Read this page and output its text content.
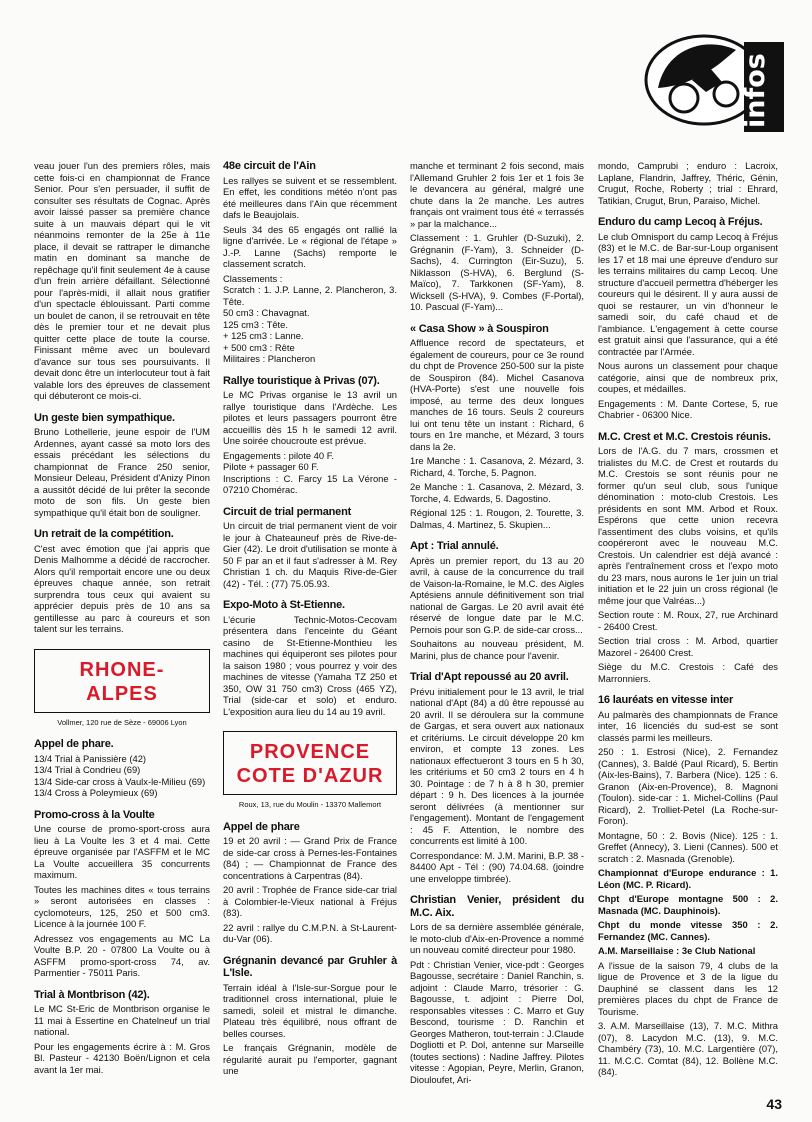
infos

veau jouer l'un des premiers rôles, mais cette fois-ci en championnat de France Senior. Pour s'en persuader, il suffit de consulter ses résultats de Cognac. Après avoir laissé passer sa première chance suite à un mauvais départ qui le vit néanmoins remonter de la 25e à 11e place, il devait se rattraper le dimanche matin en dominant sa manche de repêchage qu'il finit seulement 4e à cause d'un frein arrière défaillant. Sélectionné pour l'après-midi, il allait nous gratifier d'un spectacle éblouissant. Parti comme un boulet de canon, il se retrouvait en tête dès le premier tour et ne devait plus quitter cette place de toute la course. Finissant même avec un boulevard d'avance sur tous ses poursuivants. Il devait donc être un interlocuteur tout à fait valable lors des épreuves de classement qui débuteront ce mois-ci.

Un geste bien sympathique.

Bruno Lothellerie, jeune espoir de l'UM Ardennes, ayant cassé sa moto lors des essais précédant les sélections du championnat de France 250 senior, Monsieur Deleau, Président d'Anizy Pinon a aussitôt décidé de lui prêter la seconde moto de son fils. Un geste bien sympathique qu'il était bon de souligner.

Un retrait de la compétition.

C'est avec émotion que j'ai appris que Denis Malhomme a décidé de raccrocher. Alors qu'il remportait encore une ou deux épreuves chaque année, son retrait surprendra tous ceux qui avaient su apprécier depuis près de 10 ans sa gentillesse au parc à coureurs et son talent sur les terrains.

RHONE-
ALPES
Vollmer, 120 rue de Sèze - 69006 Lyon
Appel de phare.

13/4 Trial à Panissière (42)

13/4 Trial à Condrieu (69)

13/4 Side-car cross à Vaulx-le-Milieu (69)

13/4 Cross à Poleymieux (69)

Promo-cross à la Voulte

Une course de promo-sport-cross aura lieu à La Voulte les 3 et 4 mai. Cette épreuve organisée par l'ASFFM et le MC La Voulte accueillera 35 concurrents maximum.

Toutes les machines dites « tous terrains » seront autorisées en classes : cyclomoteurs, 125, 250 et 500 cm3. Licence à la journée 100 F.

Adressez vos engagements au MC La Voulte B.P. 20 - 07800 La Voulte ou à ASFFM promo-sport-cross 74, av. Parmentier - 75011 Paris.

Trial à Montbrison (42).

Le MC St-Eric de Montbrison organise le 11 mai à Essertine en Chatelneuf un trial national.

Pour les engagements écrire à : M. Gros Bl. Pasteur - 42130 Boën/Lignon et cela avant la 1er mai.

48e circuit de l'Ain

Les rallyes se suivent et se ressemblent. En effet, les conditions météo n'ont pas été meilleures dans l'Ain que récemment dafs le Beaujolais.

Seuls 34 des 65 engagés ont rallié la ligne d'arrivée. Le « régional de l'étape » J.-P. Lanne (Sachs) remporte le classement scratch.

Classements :

Scratch : 1. J.P. Lanne, 2. Plancheron, 3. Tête.

50 cm3 : Chavagnat.

125 cm3 : Tête.

+ 125 cm3 : Lanne.

+ 500 cm3 : Rête

Militaires : Plancheron

Rallye touristique à Privas (07).

Le MC Privas organise le 13 avril un rallye touristique dans l'Ardèche. Les pilotes et leurs passagers pourront être accueillis dès 15 h le samedi 12 avril. Une soirée choucroute est prévue.

Engagements : pilote 40 F.

Pilote + passager 60 F.

Inscriptions : C. Farcy 15 La Vérone - 07210 Chomérac.

Circuit de trial permanent

Un circuit de trial permanent vient de voir le jour à Chateauneuf près de Rive-de-Gier (42). Le droit d'utilisation se monte à 50 F par an et il faut s'adresser à M. Rey Christian 1 ch. du Maquis Rive-de-Gier (42) - Tél. : (77) 75.05.93.

Expo-Moto à St-Etienne.

L'écurie Technic-Motos-Cecovam présentera dans l'enceinte du Géant casino de St-Etienne-Monthieu les machines qui équiperont ses pilotes pour la saison 1980 ; vous pourrez y voir des machines de vitesse (Yamaha TZ 250 et 350, OW 31 750 cm3) Cross (465 YZ), Trial (side-car et solo) et enduro. L'exposition aura lieu du 14 au 19 avril.

PROVENCE
COTE D'AZUR
Roux, 13, rue du Moulin - 13370 Mallemort
Appel de phare

19 et 20 avril : — Grand Prix de France de side-car cross à Pernes-les-Fontaines (84) ; — Championnat de France des concentrations à Carpentras (84).

20 avril : Trophée de France side-car trial à Colombier-le-Vieux national à Fréjus (83).

22 avril : rallye du C.M.P.N. à St-Laurent-du-Var (06).

Grégnanin devancé par Gruhler à L'Isle.

Terrain idéal à l'Isle-sur-Sorgue pour le traditionnel cross international, pluie le samedi, soleil et mistral le dimanche. Plateau très équilibré, nous offrant de belles courses.

Le français Grégnanin, modèle de régularité aurait pu l'emporter, gagnant une

manche et terminant 2 fois second, mais l'Allemand Gruhler 2 fois 1er et 1 fois 3e le devancera au général, malgré une chute dans la 2e manche. Les autres français ont vraiment tous été « terrassés » par la malchance...

Classement : 1. Gruhler (D-Suzuki), 2. Grégnanin (F-Yam), 3. Schneider (D-Sachs), 4. Currington (Eir-Suzu), 5. Niklasson (S-HVA), 6. Berglund (S-Maïco), 7. Tarkkonen (SF-Yam), 8. Wicksell (S-HVA), 9. Combes (F-Portal), 10. Pascual (F-Yam)...

« Casa Show » à Souspiron

Affluence record de spectateurs, et également de coureurs, pour ce 3e round du chpt de Provence 250-500 sur la piste de Souspiron (84). Michel Casanova (HVA-Porte) s'est une nouvelle fois imposé, au terme des deux longues manches de 16 tours. Seuls 2 coureurs lui ont tenu tête un instant : Richard, 6 tours en 1re manche, et Mézard, 3 tours dans la 2e.

1re Manche : 1. Casanova, 2. Mézard, 3. Richard, 4. Torche, 5. Pagnon.

2e Manche : 1. Casanova, 2. Mézard, 3. Torche, 4. Edwards, 5. Dagostino.

Régional 125 : 1. Rougon, 2. Tourette, 3. Dalmas, 4. Martinez, 5. Skupien...

Apt : Trial annulé.

Après un premier report, du 13 au 20 avril, à cause de la concurrence du trail de Vaison-la-Romaine, le M.C. des Aigles Aptésiens annule définitivement son trial national de Gargas. Le 20 avril avait été réservé de longue date par le M.C. Pernois pour son G.P. de side-car cross...

Souhaitons au nouveau président, M. Marini, plus de chance pour l'avenir.

Trial d'Apt repoussé au 20 avril.

Prévu initialement pour le 13 avril, le trial national d'Apt (84) a dû être repoussé au 20 avril. Il se déroulera sur la commune de Gargas, et sera ouvert aux nationaux et critériums. Le circuit développe 20 km environ, et compte 13 zones. Les nationaux effectueront 3 tours en 5 h 30, les critériums et 50 cm3 2 tours en 4 h 30. Pointage : de 7 h à 8 h 30, premier départ : 9 h. Des licences à la journée seront délivrées (à mentionner sur l'engagement). Montant de l'engagement : 45 F. Attention, le nombre des concurrents est limité à 100.

Correspondance: M. J.M. Marini, B.P. 38 - 84400 Apt - Tél : (90) 74.04.68. (joindre une enveloppe timbrée).

Christian Venier, président du M.C. Aix.

Lors de sa dernière assemblée générale, le moto-club d'Aix-en-Provence a nommé un nouveau comité directeur pour 1980.

Pdt : Christian Venier, vice-pdt : Georges Bagousse, secrétaire : Daniel Ranchin, s. adjoint : Claude Marro, trésorier : G. Bagousse, t. adjoint : Pierre Dol, responsables vitesses : C. Marro et Guy Bescond, tourisme : D. Ranchin et Georges Matheron, tout-terrain : J.Claude Dogliotti et P. Dol, antenne sur Marseille (toutes sections) : Nadine Jaffrey. Pilotes vitesse : Agopian, Peyre, Merlin, Granon, Diouloufet, Ari-

mondo, Camprubi ; enduro : Lacroix, Laplane, Flandrin, Jaffrey, Théric, Génin, Crugut, Roche, Roberty ; trial : Ehrard, Tatikian, Crugut, Brun, Paraiso, Michel.

Enduro du camp Lecoq à Fréjus.

Le club Omnisport du camp Lecoq à Fréjus (83) et le M.C. de Bar-sur-Loup organisent les 17 et 18 mai une épreuve d'enduro sur les terrains militaires du camp Lecoq. Une structure d'accueil permettra d'héberger les coureurs qui le désirent. Il y aura aussi de quoi se restaurer, un vin d'honneur le samedi soir, du café chaud et de l'ambiance. L'engagement à cette course est gratuit ainsi que l'assurance, qui a été contractée par l'Armée.

Nous aurons un classement pour chaque catégorie, ainsi que de nombreux prix, coupes, et médailles.

Engagements : M. Dante Cortese, 5, rue Chabrier - 06300 Nice.

M.C. Crest et M.C. Crestois réunis.

Lors de l'A.G. du 7 mars, crossmen et trialistes du M.C. de Crest et routards du M.C. Crestois se sont réunis pour ne former qu'un seul club, sous l'unique dénomination : moto-club Crestois. Les présidents en sont MM. Arbod et Roux. Espérons que cette union recevra l'assentiment des clubs voisins, et qu'ils coopéreront avec le nouveau M.C. Crestois. Un calendrier est déjà avancé : après l'entraînement cross et l'expo moto du 23 mars, nous aurons le 1er juin un trial initiation et le 22 juin un cross régional (le même jour que Valréas...)

Section route : M. Roux, 27, rue Archinard - 26400 Crest.

Section trial cross : M. Arbod, quartier Mazorel - 26400 Crest.

Siège du M.C. Crestois : Café des Marronniers.

16 lauréats en vitesse inter

Au palmarès des championnats de France inter, 16 licenciés du sud-est se sont classés parmi les meilleurs.

250 : 1. Estrosi (Nice), 2. Fernandez (Cannes), 3. Baldé (Paul Ricard), 5. Bertin (Aix-les-Bains), 7. Barbera (Nice). 125 : 6. Granon (Aix-en-Provence), 8. Magnoni (Toulon). side-car : 1. Michel-Collins (Paul Ricard), 2. Trolliet-Petel (La Roche-sur-Foron).

Montagne, 50 : 2. Bovis (Nice). 125 : 1. Greffet (Annecy), 3. Lieni (Cannes). 500 et scratch : 2. Masnada (Grenoble).

Championnat d'Europe endurance : 1. Léon (MC. P. Ricard).

Chpt d'Europe montagne 500 : 2. Masnada (MC. Dauphinois).

Chpt du monde vitesse 350 : 2. Fernandez (MC. Cannes).

A.M. Marseillaise : 3e Club National

A l'issue de la saison 79, 4 clubs de la ligue de Provence et 3 de la ligue du Dauphiné se classent dans les 12 premières places du chpt de France de Tourisme.

3. A.M. Marseillaise (13), 7. M.C. Mithra (07), 8. Lacydon M.C. (13), 9. M.C. Chambéry (73), 10. M.C. Largentière (07), 11. M.C.C. Comtat (84), 12. Bollène M.C. (84).

43
